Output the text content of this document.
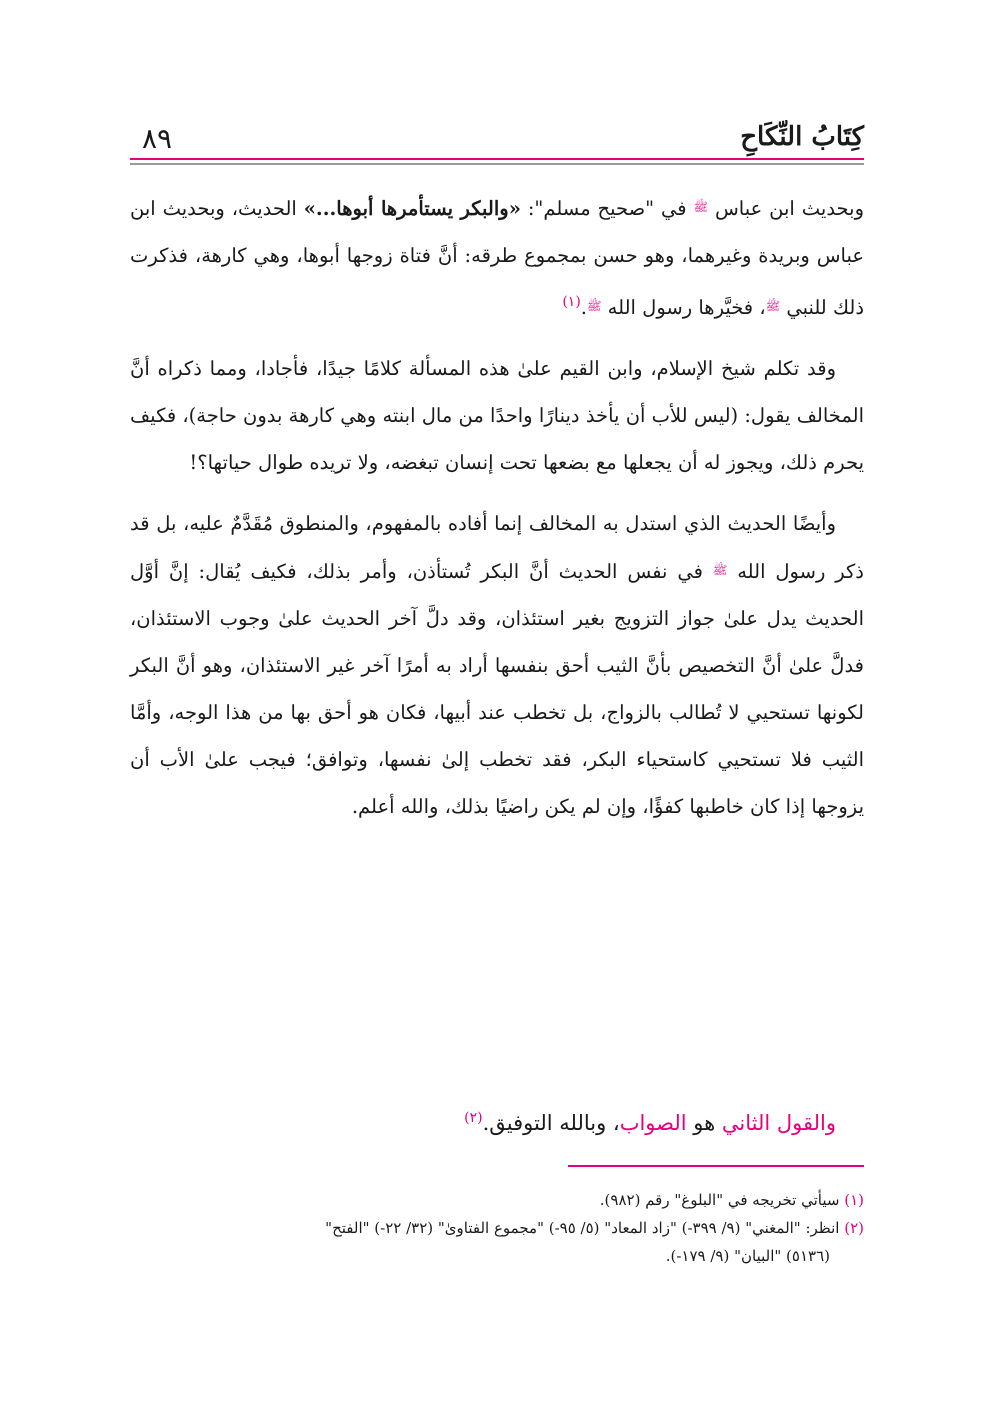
كِتَابُ النِّكَاحِ
٨٩

وبحديث ابن عباس $^ﷺ$ في "صحيح مسلم": «والبكر يستأمرها أبوها...» الحديث، وبحديث ابن عباس وبريدة وغيرهما، وهو حسن بمجموع طرقه: أنَّ فتاة زوجها أبوها، وهي كارهة، فذكرت ذلك للنبي $^ﷺ$، فخيَّرها رسول الله $^ﷺ$.$^{(١)}$

وقد تكلم شيخ الإسلام، وابن القيم علىٰ هذه المسألة كلامًا جيدًا، فأجادا، ومما ذكراه أنَّ المخالف يقول: (ليس للأب أن يأخذ دينارًا واحدًا من مال ابنته وهي كارهة بدون حاجة)، فكيف يحرم ذلك، ويجوز له أن يجعلها مع بضعها تحت إنسان تبغضه، ولا تريده طوال حياتها؟!

وأيضًا الحديث الذي استدل به المخالف إنما أفاده بالمفهوم، والمنطوق مُقَدَّمٌ عليه، بل قد ذكر رسول الله $^ﷺ$ في نفس الحديث أنَّ البكر تُستأذن، وأمر بذلك، فكيف يُقال: إنَّ أوَّل الحديث يدل علىٰ جواز التزويج بغير استئذان، وقد دلَّ آخر الحديث علىٰ وجوب الاستئذان، فدلَّ علىٰ أنَّ التخصيص بأنَّ الثيب أحق بنفسها أراد به أمرًا آخر غير الاستئذان، وهو أنَّ البكر لكونها تستحيي لا تُطالب بالزواج، بل تخطب عند أبيها، فكان هو أحق بها من هذا الوجه، وأمَّا الثيب فلا تستحيي كاستحياء البكر، فقد تخطب إلىٰ نفسها، وتوافق؛ فيجب علىٰ الأب أن يزوجها إذا كان خاطبها كفؤًا، وإن لم يكن راضيًا بذلك، والله أعلم.

والقول الثاني هو الصواب، وبالله التوفيق.$^{(٢)}$

(١) سيأتي تخريجه في "البلوغ" رقم (٩٨٢).

(٢) انظر: "المغني" (٩/ ٣٩٩-) "زاد المعاد" (٥/ ٩٥-) "مجموع الفتاوىٰ" (٣٢/ ٢٢-) "الفتح"

(٥١٣٦) "البيان" (٩/ ١٧٩-).
